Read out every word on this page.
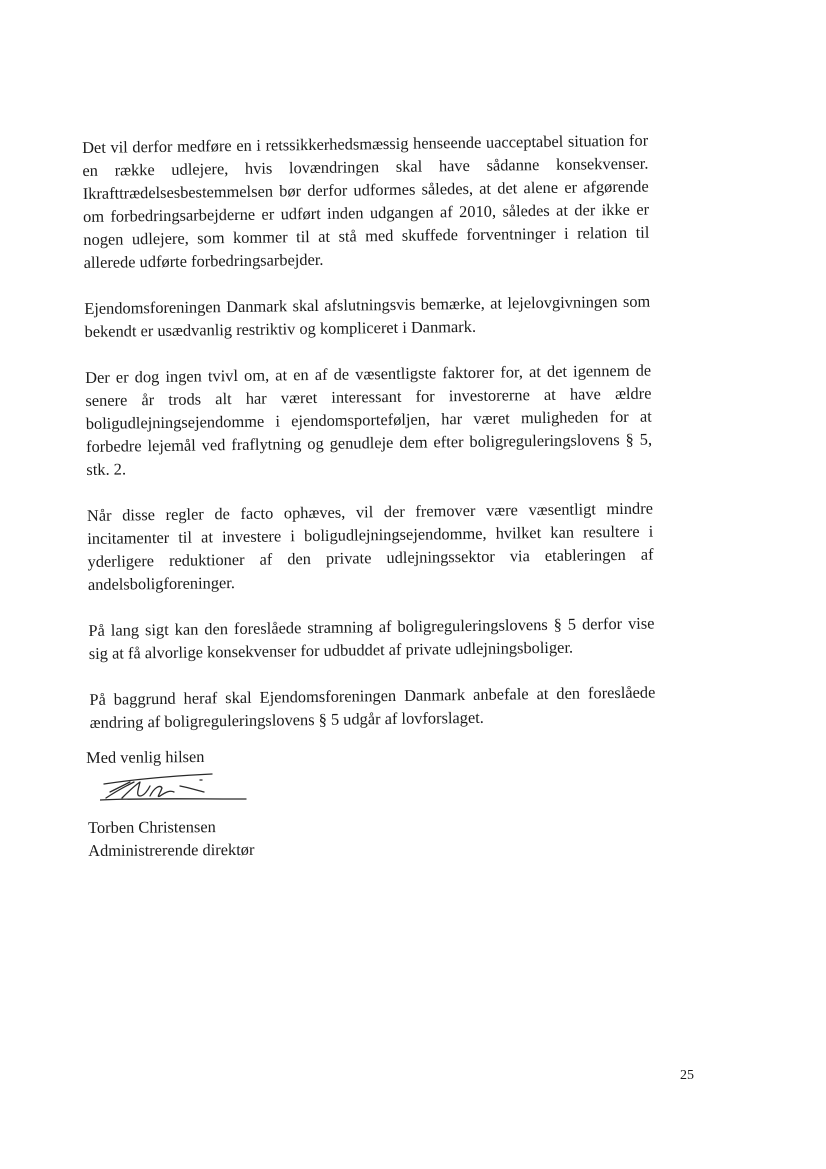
Det vil derfor medføre en i retssikkerhedsmæssig henseende uacceptabel situation for en række udlejere, hvis lovændringen skal have sådanne konsekvenser. Ikrafttrædelsesbestemmelsen bør derfor udformes således, at det alene er afgørende om forbedringsarbejderne er udført inden udgangen af 2010, således at der ikke er nogen udlejere, som kommer til at stå med skuffede forventninger i relation til allerede udførte forbedringsarbejder.

Ejendomsforeningen Danmark skal afslutningsvis bemærke, at lejelovgivningen som bekendt er usædvanlig restriktiv og kompliceret i Danmark.

Der er dog ingen tvivl om, at en af de væsentligste faktorer for, at det igennem de senere år trods alt har været interessant for investorerne at have ældre boligudlejningsejendomme i ejendomsporteføljen, har været muligheden for at forbedre lejemål ved fraflytning og genudleje dem efter boligreguleringslovens § 5, stk. 2.

Når disse regler de facto ophæves, vil der fremover være væsentligt mindre incitamenter til at investere i boligudlejningsejendomme, hvilket kan resultere i yderligere reduktioner af den private udlejningssektor via etableringen af andelsboligforeninger.

På lang sigt kan den foreslåede stramning af boligreguleringslovens § 5 derfor vise sig at få alvorlige konsekvenser for udbuddet af private udlejningsboliger.

På baggrund heraf skal Ejendomsforeningen Danmark anbefale at den foreslåede ændring af boligreguleringslovens § 5 udgår af lovforslaget.

Med venlig hilsen
Torben Christensen
Administrerende direktør
25
